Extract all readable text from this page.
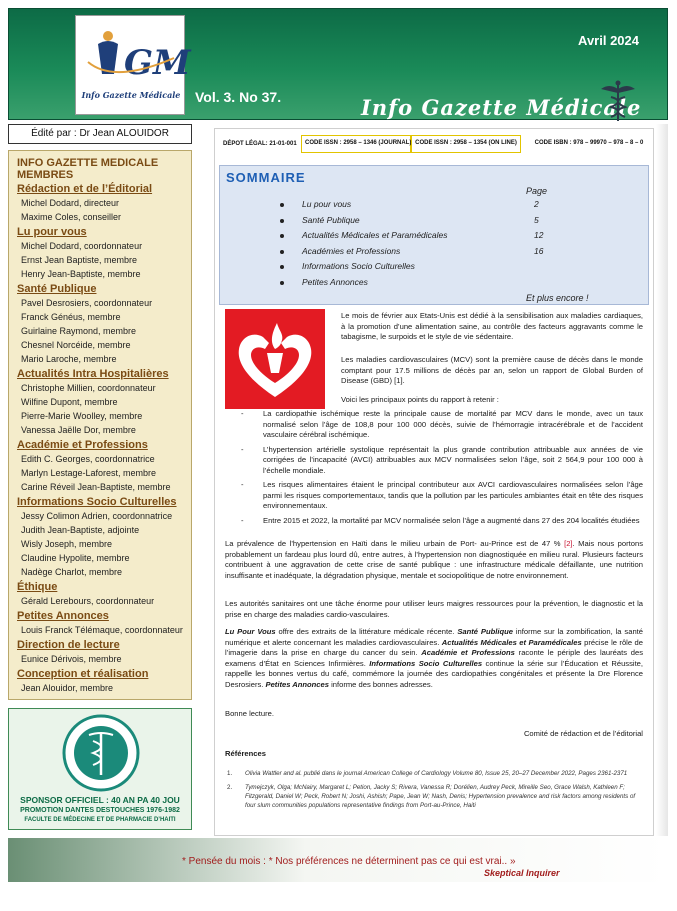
GM
Info Gazette Médicale
Avril 2024
Vol. 3. No 37.	Info Gazette Médicale
Édité par : Dr Jean ALOUIDOR
INFO GAZETTE MEDICALE MEMBRES
Rédaction et de l’Éditorial
Michel Dodard, directeur
Maxime Coles, conseiller
Lu pour vous
Michel Dodard, coordonnateur
Ernst Jean Baptiste, membre
Henry Jean-Baptiste, membre
Santé Publique
Pavel Desrosiers, coordonnateur
Franck Généus, membre
Guirlaine Raymond, membre
Chesnel Norcéide, membre
Mario Laroche, membre
Actualités Intra Hospitalières
Christophe Millien, coordonnateur
Wilfine Dupont, membre
Pierre-Marie Woolley, membre
Vanessa Jaëlle Dor, membre
Académie et Professions
Edith C. Georges, coordonnatrice
Marlyn Lestage-Laforest, membre
Carine Réveil Jean-Baptiste, membre
Informations Socio Culturelles
Jessy Colimon Adrien, coordonnatrice
Judith Jean-Baptiste, adjointe
Wisly Joseph, membre
Claudine Hypolite, membre
Nadège Charlot, membre
Éthique
Gérald Lerebours, coordonnateur
Petites Annonces
Louis Franck Télémaque, coordonnateur
Direction de lecture
Eunice Dérivois, membre
Conception et réalisation
Jean Alouidor, membre
SPONSOR OFFICIEL : 40 AN PA 40 JOU
PROMOTION DANTES DESTOUCHES 1976-1982
FACULTE DE MÉDECINE ET DE PHARMACIE D’HAITI
DÉPOT LÉGAL: 21-01-001	CODE ISSN : 2958 – 1346 (JOURNAL) CODE ISSN : 2958 – 1354 (ON LINE)	CODE ISBN : 978 – 99970 – 978 – 8 – 0
SOMMAIRE
Page
Lu pour vous	2
Santé Publique	5
Actualités Médicales et Paramédicales	12
Académies et Professions	16
Informations Socio Culturelles
Petites Annonces
Et plus encore !
Le mois de février aux Etats-Unis est dédié à la sensibilisation aux maladies cardiaques, à la promotion d’une alimentation saine, au contrôle des facteurs aggravants comme le tabagisme, le surpoids et le style de vie sédentaire.
Les maladies cardiovasculaires (MCV) sont la première cause de décès dans le monde comptant pour 17.5 millions de décès par an, selon un rapport de Global Burden of Disease (GBD) [1].
Voici les principaux points du rapport à retenir :
-	La cardiopathie ischémique reste la principale cause de mortalité par MCV dans le monde, avec un taux normalisé selon l’âge de 108,8 pour 100 000 décès, suivie de l’hémorragie intracérébrale et de l’accident vasculaire cérébral ischémique.
-	L’hypertension artérielle systolique représentait la plus grande contribution attribuable aux années de vie corrigées de l’incapacité (AVCI) attribuables aux MCV normalisées selon l’âge, soit 2 564,9 pour 100 000 à l’échelle mondiale.
-	Les risques alimentaires étaient le principal contributeur aux AVCI cardiovasculaires normalisées selon l’âge parmi les risques comportementaux, tandis que la pollution par les particules ambiantes était en tête des risques environnementaux.
-	Entre 2015 et 2022, la mortalité par MCV normalisée selon l’âge a augmenté dans 27 des 204 localités étudiées
La prévalence de l’hypertension en Haïti dans le milieu urbain de Port- au-Prince est de 47 % [2]. Mais nous portons probablement un fardeau plus lourd dû, entre autres, à l’hypertension non diagnostiquée en milieu rural. Plusieurs facteurs contribuent à une aggravation de cette crise de santé publique : une infrastructure médicale défaillante, une nutrition insuffisante et inadéquate, la dégradation physique, mentale et sociopolitique de notre environnement.
Les autorités sanitaires ont une tâche énorme pour utiliser leurs maigres ressources pour la prévention, le diagnostic et la prise en charge des maladies cardio-vasculaires.
Lu Pour Vous offre des extraits de la littérature médicale récente. Santé Publique informe sur la zombification, la santé numérique et alerte concernant les maladies cardiovasculaires. Actualités Médicales et Paramédicales précise le rôle de l’imagerie dans la prise en charge du cancer du sein. Académie et Professions raconte le périple des lauréats des examens d’État en Sciences Infirmières. Informations Socio Culturelles continue la série sur l’Éducation et Réussite, rappelle les bonnes vertus du café, commémore la journée des cardiopathies congénitales et présente la Dre Florence Desrosiers. Petites Annonces informe des bonnes adresses.
Bonne lecture.
Comité de rédaction et de l’éditorial
Références
1. Olivia Wattler and al. publié dans le journal American College of Cardiology Volume 80, Issue 25, 20–27 December 2022, Pages 2361-2371
2. Tymejczyk, Olga; McNairy, Margaret L; Petion, Jacky S; Rivera, Vanessa R; Dorélien, Audrey Peck, Mireille Seo, Grace Walsh, Kathleen F; Fitzgerald, Daniel W; Peck, Robert N; Joshi, Ashish; Pape, Jean W; Nash, Denis; Hypertension prevalence and risk factors among residents of four slum communities populations representative findings from Port-au-Prince, Haiti
* Pensée du mois : * Nos préférences ne déterminent pas ce qui est vrai.. »
Skeptical Inquirer
